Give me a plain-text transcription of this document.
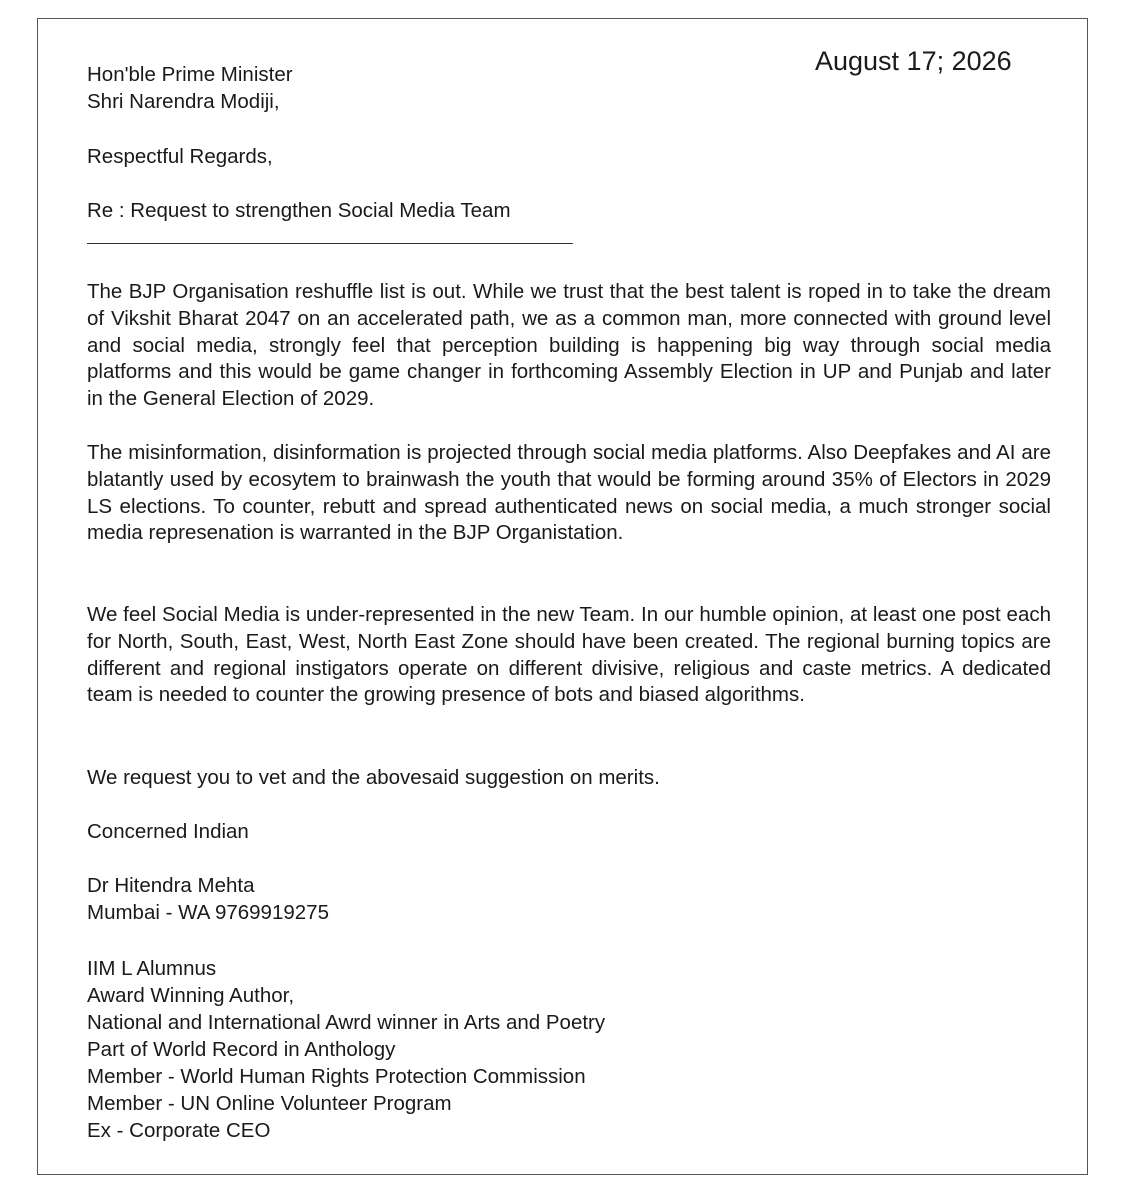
August 17; 2026
Hon'ble Prime Minister
Shri Narendra Modiji,
Respectful Regards,
Re : Request to strengthen Social Media Team
The BJP Organisation reshuffle list is out. While we trust that the best talent is roped in to take the dream of Vikshit Bharat 2047 on an accelerated path, we as a common man, more connected with ground level and social media, strongly feel that perception building is happening big way through social media platforms and this would be game changer in forthcoming Assembly Election in UP and Punjab and later in the General Election of 2029.
The misinformation, disinformation is projected through social media platforms. Also Deepfakes and AI are blatantly used by ecosytem to brainwash the youth that would be forming around 35% of Electors in 2029 LS elections. To counter, rebutt and spread authenticated news on social media, a much stronger social media represenation is warranted in the BJP Organistation.
We feel Social Media is under-represented in the new Team. In our humble opinion, at least one post each for North, South, East, West, North East Zone should have been created. The regional burning topics are different and regional instigators operate on different divisive, religious and caste metrics. A dedicated team is needed to counter the growing presence of bots and biased algorithms.
We request you to vet and the abovesaid suggestion on merits.
Concerned Indian
Dr Hitendra Mehta
Mumbai - WA 9769919275
IIM L Alumnus
Award Winning Author,
National and International Awrd winner in Arts and Poetry
Part of World Record in Anthology
Member - World Human Rights Protection Commission
Member - UN Online Volunteer Program
Ex - Corporate CEO
